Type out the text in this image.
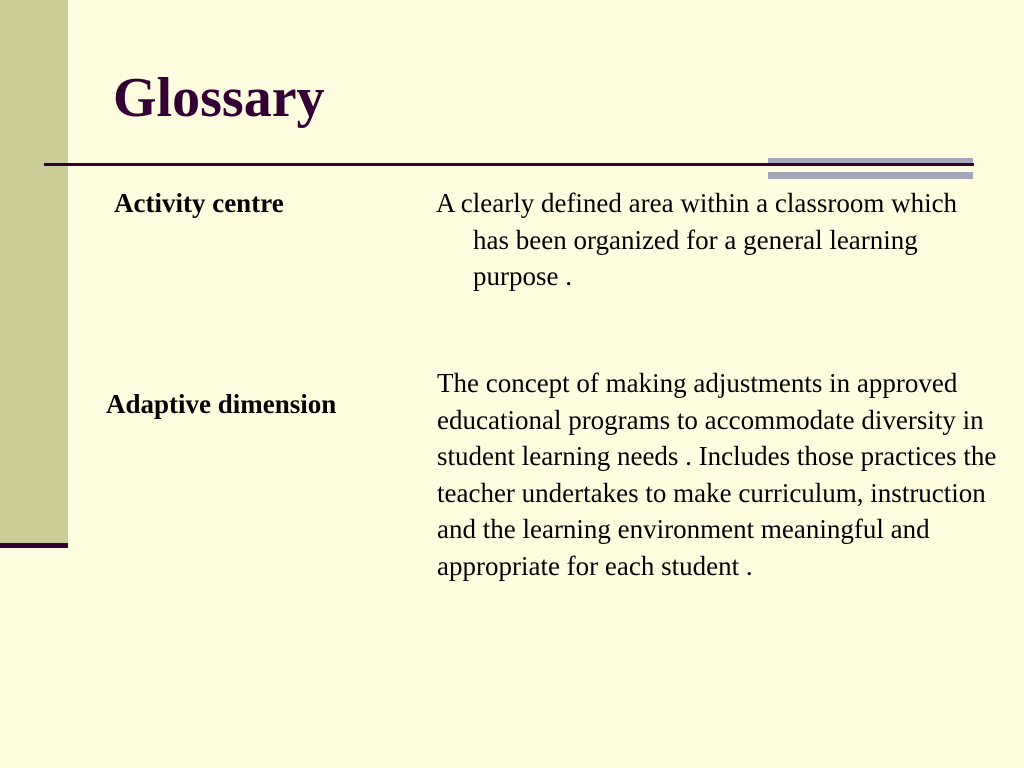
Glossary
Activity centre	A clearly defined area within a classroom which has been organized for a general learning purpose .

Adaptive dimension

The concept of making adjustments in approved educational programs to accommodate diversity in student learning needs . Includes those practices the teacher undertakes to make curriculum, instruction and the learning environment meaningful and appropriate for each student .
